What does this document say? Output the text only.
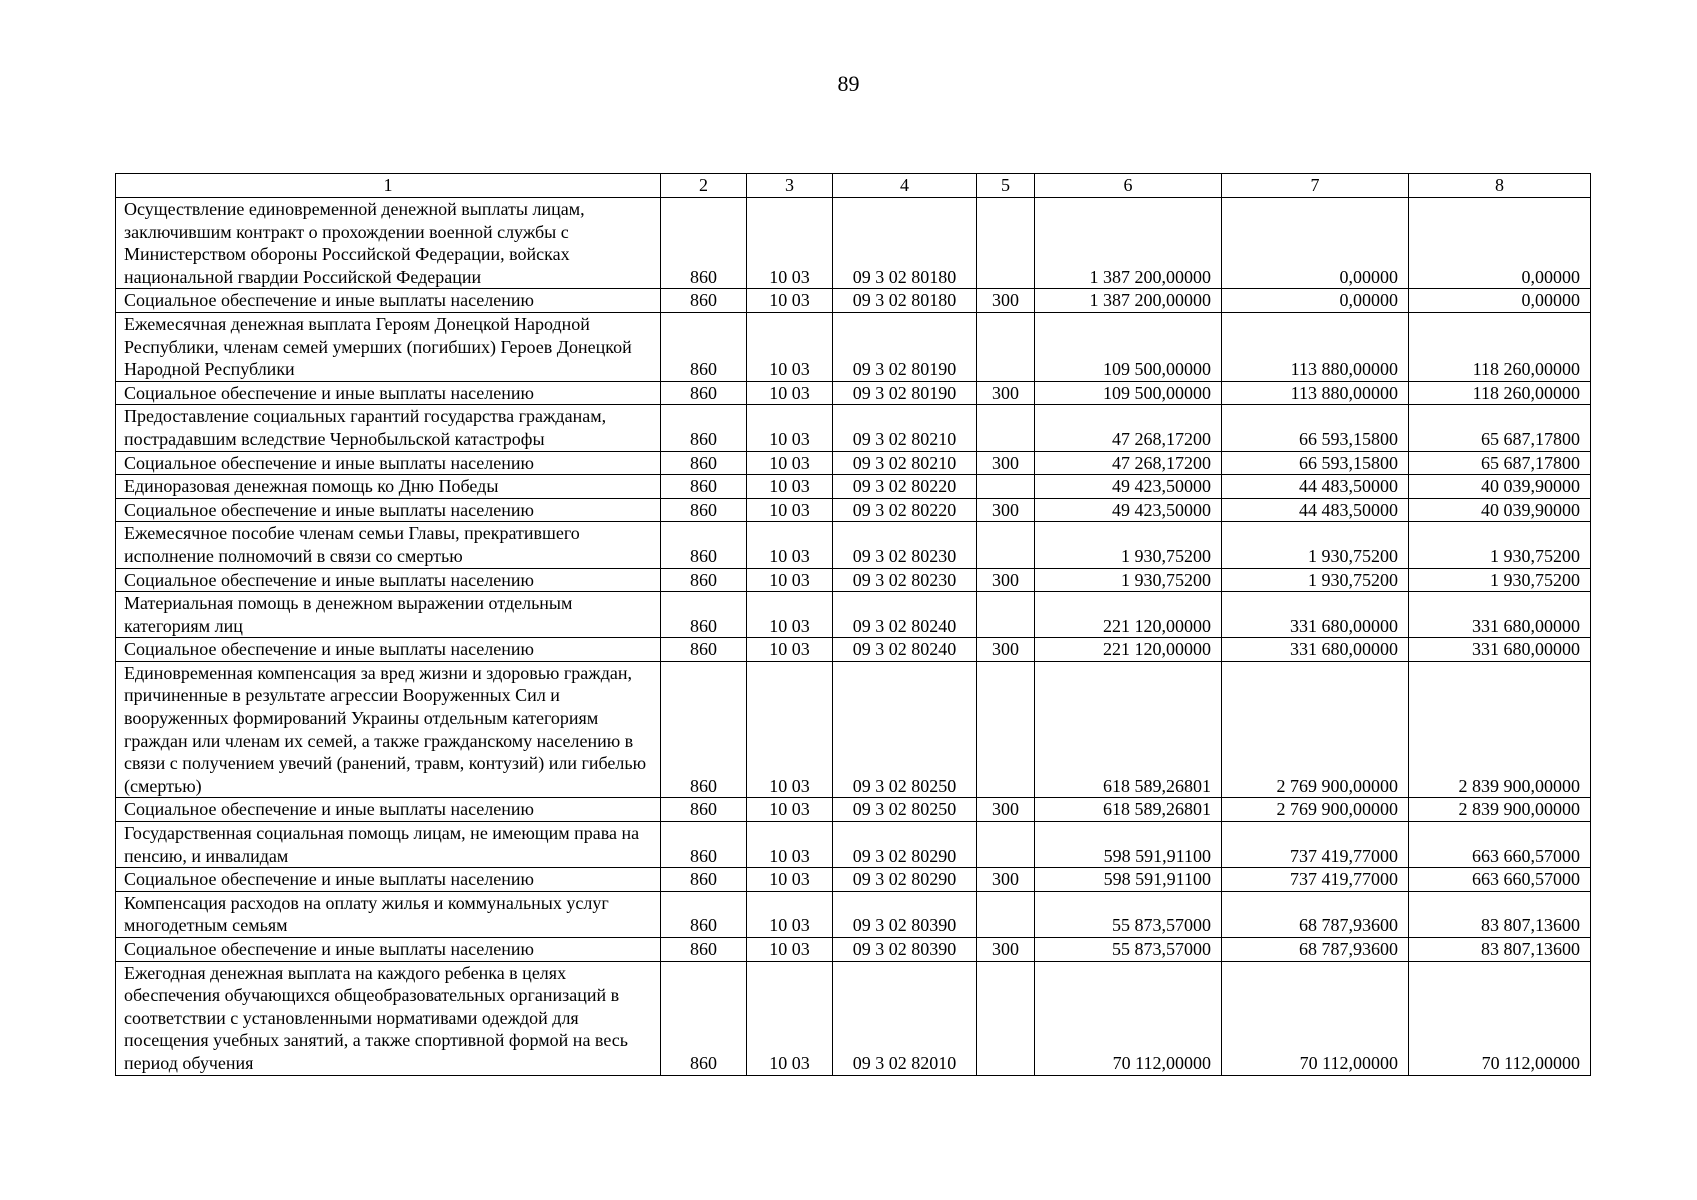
89
1	2	3	4	5	6	7	8
Осуществление единовременной денежной выплаты лицам, заключившим контракт о прохождении военной службы с Министерством обороны Российской Федерации, войсках национальной гвардии Российской Федерации	860	10 03	09 3 02 80180		1 387 200,00000	0,00000	0,00000
Социальное обеспечение и иные выплаты населению	860	10 03	09 3 02 80180	300	1 387 200,00000	0,00000	0,00000
Ежемесячная денежная выплата Героям Донецкой Народной Республики, членам семей умерших (погибших) Героев Донецкой Народной Республики	860	10 03	09 3 02 80190		109 500,00000	113 880,00000	118 260,00000
Социальное обеспечение и иные выплаты населению	860	10 03	09 3 02 80190	300	109 500,00000	113 880,00000	118 260,00000
Предоставление социальных гарантий государства гражданам, пострадавшим вследствие Чернобыльской катастрофы	860	10 03	09 3 02 80210		47 268,17200	66 593,15800	65 687,17800
Социальное обеспечение и иные выплаты населению	860	10 03	09 3 02 80210	300	47 268,17200	66 593,15800	65 687,17800
Единоразовая денежная помощь ко Дню Победы	860	10 03	09 3 02 80220		49 423,50000	44 483,50000	40 039,90000
Социальное обеспечение и иные выплаты населению	860	10 03	09 3 02 80220	300	49 423,50000	44 483,50000	40 039,90000
Ежемесячное пособие членам семьи Главы, прекратившего исполнение полномочий в связи со смертью	860	10 03	09 3 02 80230		1 930,75200	1 930,75200	1 930,75200
Социальное обеспечение и иные выплаты населению	860	10 03	09 3 02 80230	300	1 930,75200	1 930,75200	1 930,75200
Материальная помощь в денежном выражении отдельным категориям лиц	860	10 03	09 3 02 80240		221 120,00000	331 680,00000	331 680,00000
Социальное обеспечение и иные выплаты населению	860	10 03	09 3 02 80240	300	221 120,00000	331 680,00000	331 680,00000
Единовременная компенсация за вред жизни и здоровью граждан, причиненные в результате агрессии Вооруженных Сил и вооруженных формирований Украины отдельным категориям граждан или членам их семей, а также гражданскому населению в связи с получением увечий (ранений, травм, контузий) или гибелью (смертью)	860	10 03	09 3 02 80250		618 589,26801	2 769 900,00000	2 839 900,00000
Социальное обеспечение и иные выплаты населению	860	10 03	09 3 02 80250	300	618 589,26801	2 769 900,00000	2 839 900,00000
Государственная социальная помощь лицам, не имеющим права на пенсию, и инвалидам	860	10 03	09 3 02 80290		598 591,91100	737 419,77000	663 660,57000
Социальное обеспечение и иные выплаты населению	860	10 03	09 3 02 80290	300	598 591,91100	737 419,77000	663 660,57000
Компенсация расходов на оплату жилья и коммунальных услуг многодетным семьям	860	10 03	09 3 02 80390		55 873,57000	68 787,93600	83 807,13600
Социальное обеспечение и иные выплаты населению	860	10 03	09 3 02 80390	300	55 873,57000	68 787,93600	83 807,13600
Ежегодная денежная выплата на каждого ребенка в целях обеспечения обучающихся общеобразовательных организаций в соответствии с установленными нормативами одеждой для посещения учебных занятий, а также спортивной формой на весь период обучения	860	10 03	09 3 02 82010		70 112,00000	70 112,00000	70 112,00000
